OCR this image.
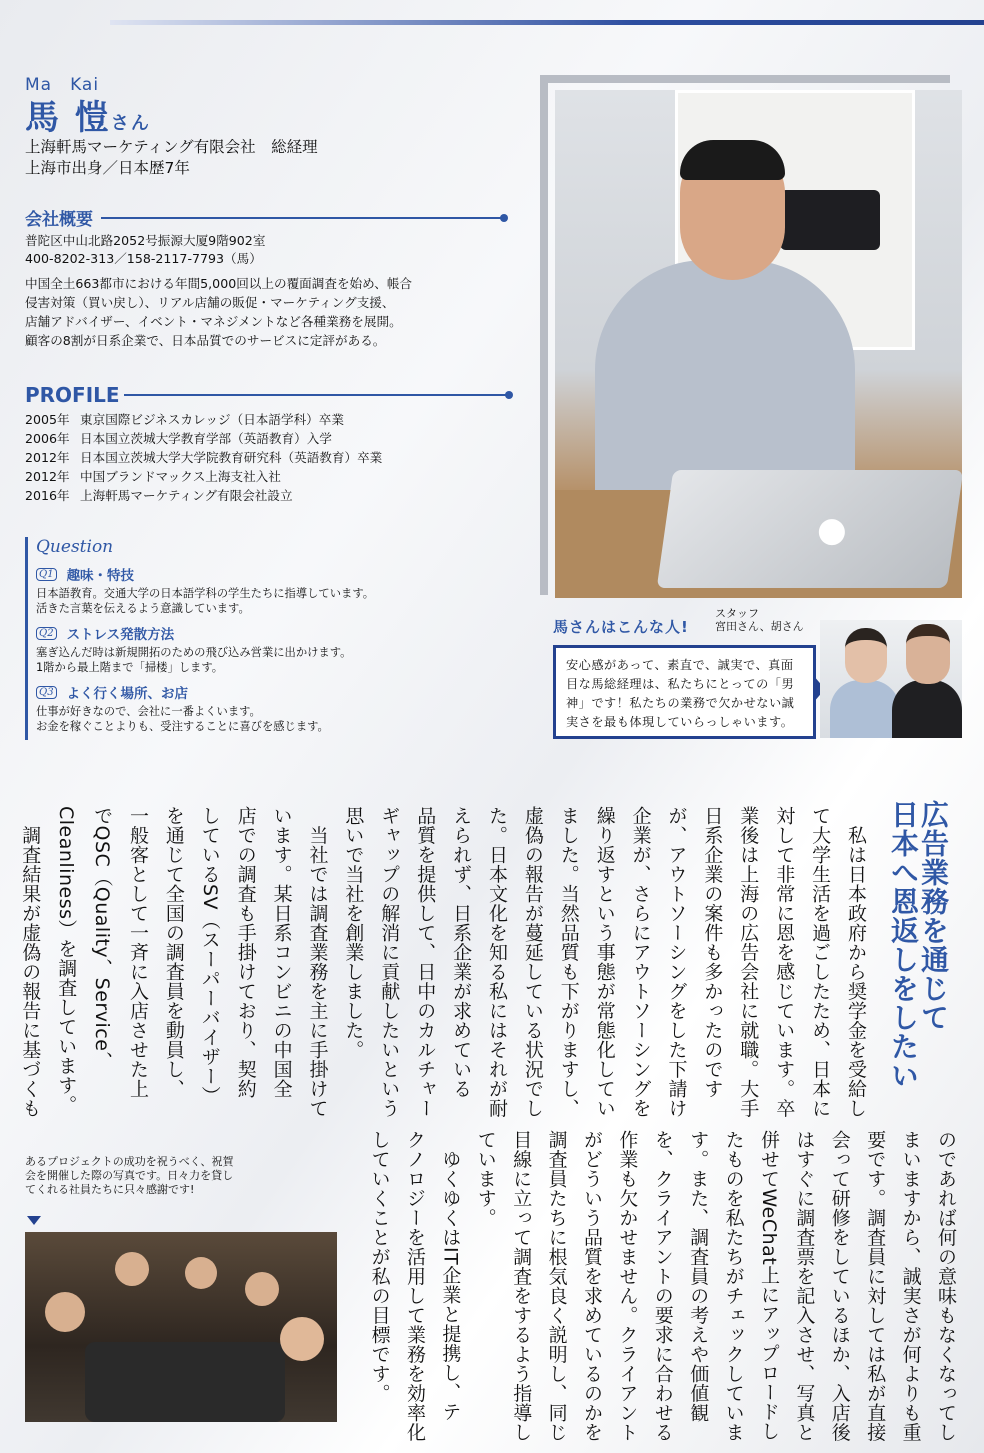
Ma　Kai
馬 愷さん
上海軒馬マーケティング有限会社　総経理
上海市出身／日本歴7年
会社概要
普陀区中山北路2052号振源大厦9階902室
400-8202-313／158-2117-7793（馬）
中国全土663都市における年間5,000回以上の覆面調査を始め、帳合
侵害対策（買い戻し）、リアル店舗の販促・マーケティング支援、
店舗アドバイザー、イベント・マネジメントなど各種業務を展開。
顧客の8割が日系企業で、日本品質でのサービスに定評がある。
PROFILE
2005年 東京国際ビジネスカレッジ（日本語学科）卒業
2006年 日本国立茨城大学教育学部（英語教育）入学
2012年 日本国立茨城大学大学院教育研究科（英語教育）卒業
2012年 中国ブランドマックス上海支社入社
2016年 上海軒馬マーケティング有限会社設立
Question
Q1 趣味・特技
日本語教育。交通大学の日本語学科の学生たちに指導しています。
活きた言葉を伝えるよう意識しています。
Q2 ストレス発散方法
塞ぎ込んだ時は新規開拓のための飛び込み営業に出かけます。
1階から最上階まで「掃楼」します。
Q3 よく行く場所、お店
仕事が好きなので、会社に一番よくいます。
お金を稼ぐことよりも、受注することに喜びを感じます。
●
馬さんはこんな人!
スタッフ
宮田さん、胡さん
安心感があって、素直で、誠実で、真面目な馬総経理は、私たちにとっての「男神」です！私たちの業務で欠かせない誠実さを最も体現していらっしゃいます。
広告業務を通じて
日本へ恩返しをしたい
　私は日本政府から奨学金を受給し
て大学生活を過ごしたため、日本に
対して非常に恩を感じています。卒
業後は上海の広告会社に就職。大手
日系企業の案件も多かったのです
が、アウトソーシングをした下請け
企業が、さらにアウトソーシングを
繰り返すという事態が常態化してい
ました。当然品質も下がりますし、
虚偽の報告が蔓延している状況でし
た。日本文化を知る私にはそれが耐
えられず、日系企業が求めている
品質を提供して、日中のカルチャー
ギャップの解消に貢献したいという
思いで当社を創業しました。
　当社では調査業務を主に手掛けて
います。某日系コンビニの中国全
店での調査も手掛けており、契約
しているSV（スーパーバイザー）
を通じて全国の調査員を動員し、
一般客として一斉に入店させた上
でQSC（Quality、Service、
Cleanliness）を調査しています。
　調査結果が虚偽の報告に基づくも
のであれば何の意味もなくなってし
まいますから、誠実さが何よりも重
要です。調査員に対しては私が直接
会って研修をしているほか、入店後
はすぐに調査票を記入させ、写真と
併せてWeChat上にアップロードし
たものを私たちがチェックしていま
す。また、調査員の考えや価値観
を、クライアントの要求に合わせる
作業も欠かせません。クライアント
がどういう品質を求めているのかを
調査員たちに根気良く説明し、同じ
目線に立って調査をするよう指導し
ています。
　ゆくゆくはIT企業と提携し、テ
クノロジーを活用して業務を効率化
していくことが私の目標です。
あるプロジェクトの成功を祝うべく、祝賀会を開催した際の写真です。日々力を貸してくれる社員たちに只々感謝です!
